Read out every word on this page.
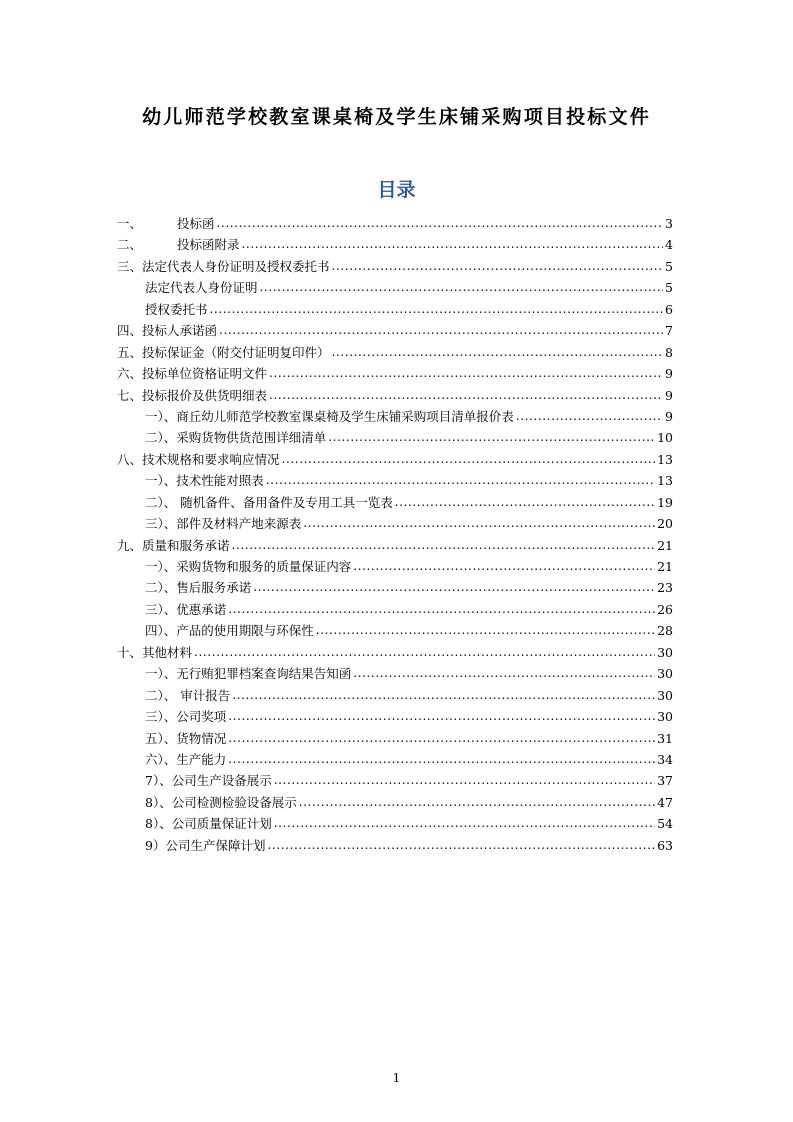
幼儿师范学校教室课桌椅及学生床铺采购项目投标文件
目录
一、	投标函 .....	3
二、	投标函附录 .....	4
三、 法定代表人身份证明及授权委托书 .....	5
法定代表人身份证明 .....	5
授权委托书 .....	6
四、 投标人承诺函 .....	7
五、 投标保证金（附交付证明复印件） .....	8
六、 投标单位资格证明文件 .....	9
七、 投标报价及供货明细表 .....	9
一）、商丘幼儿师范学校教室课桌椅及学生床铺采购项目清单报价表 .....	9
二）、采购货物供货范围详细清单 .....	10
八、 技术规格和要求响应情况 .....	13
一）、技术性能对照表 .....	13
二）、 随机备件、备用备件及专用工具一览表 .....	19
三）、部件及材料产地来源表 .....	20
九、 质量和服务承诺 .....	21
一）、采购货物和服务的质量保证内容 .....	21
二）、售后服务承诺 .....	23
三）、优惠承诺 .....	26
四）、产品的使用期限与环保性 .....	28
十、 其他材料 .....	30
一）、无行贿犯罪档案查询结果告知函 .....	30
二）、 审计报告 .....	30
三）、公司奖项 .....	30
五）、货物情况 .....	31
六）、生产能力 .....	34
7）、公司生产设备展示 .....	37
8）、公司检测检验设备展示 .....	47
8）、公司质量保证计划 .....	54
9）公司生产保障计划 .....	63
1
